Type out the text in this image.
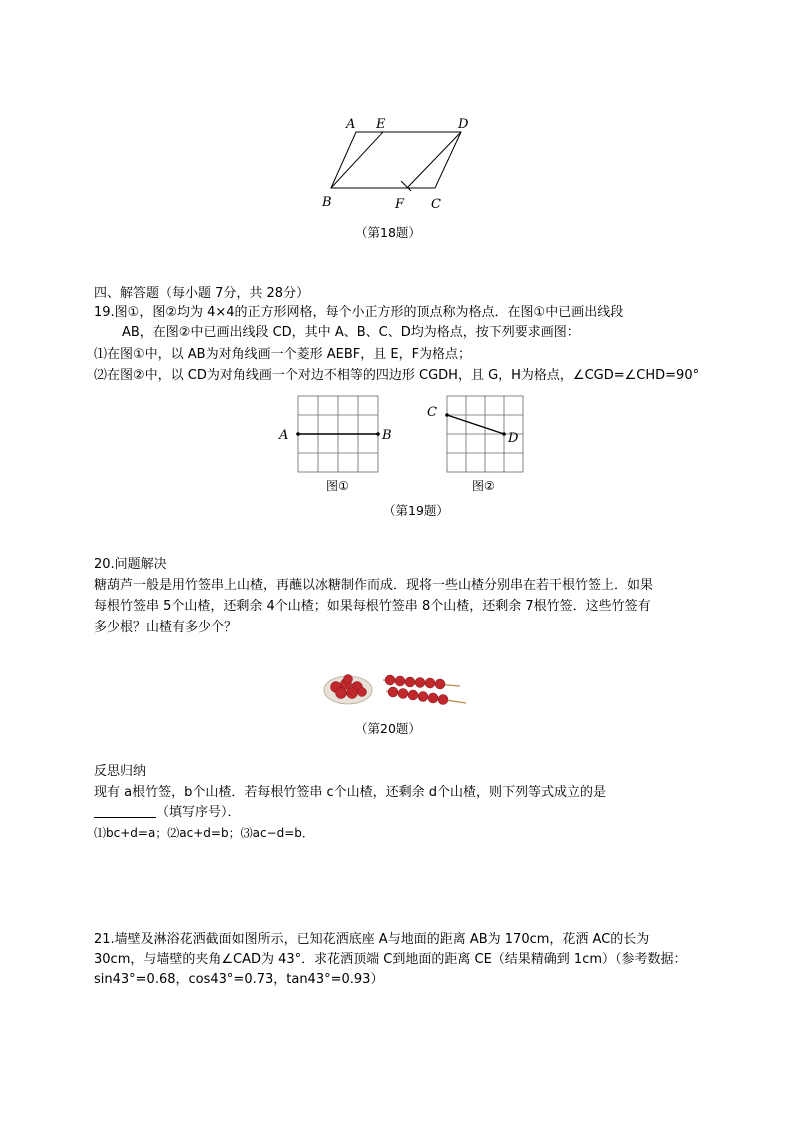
A E	D
B	F C
（第18题）
四、解答题（每小题 7分，共 28分）
19.图①，图②均为 4×4的正方形网格，每个小正方形的顶点称为格点．在图①中已画出线段
AB，在图②中已画出线段 CD，其中 A、B、C、D均为格点，按下列要求画图：
⑴在图①中，以 AB为对角线画一个菱形 AEBF，且 E，F为格点；
⑵在图②中，以 CD为对角线画一个对边不相等的四边形 CGDH，且 G，H为格点，∠CGD=∠CHD=90°
A	B
图①
C
D
图②
（第19题）
20.问题解决
糖葫芦一般是用竹签串上山楂，再蘸以冰糖制作而成．现将一些山楂分别串在若干根竹签上．如果
每根竹签串 5个山楂，还剩余 4个山楂；如果每根竹签串 8个山楂，还剩余 7根竹签．这些竹签有
多少根？山楂有多少个？
（第20题）
反思归纳
现有 a根竹签，b个山楂．若每根竹签串 c个山楂，还剩余 d个山楂，则下列等式成立的是
（填写序号）．
⑴bc+d=a；⑵ac+d=b；⑶ac−d=b．
21.墙壁及淋浴花洒截面如图所示，已知花洒底座 A与地面的距离 AB为 170cm，花洒 AC的长为
30cm，与墙壁的夹角∠CAD为 43°．求花洒顶端 C到地面的距离 CE（结果精确到 1cm）（参考数据：
sin43°=0.68，cos43°=0.73，tan43°=0.93）
